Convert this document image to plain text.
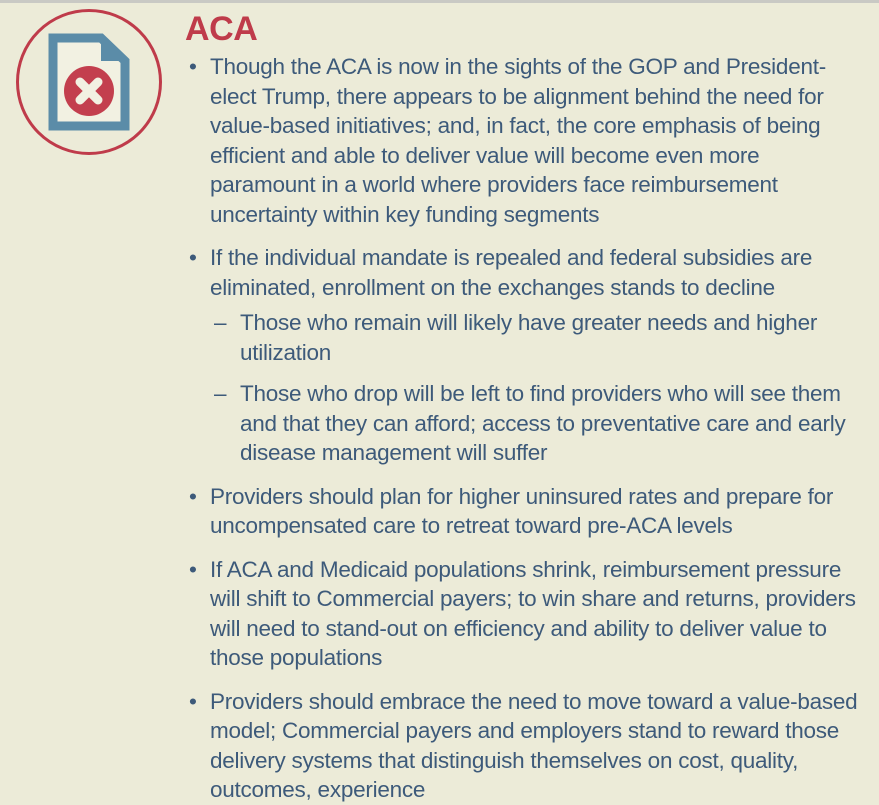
ACA
• Though the ACA is now in the sights of the GOP and President-elect Trump, there appears to be alignment behind the need for value-based initiatives; and, in fact, the core emphasis of being efficient and able to deliver value will become even more paramount in a world where providers face reimbursement uncertainty within key funding segments
• If the individual mandate is repealed and federal subsidies are eliminated, enrollment on the exchanges stands to decline
– Those who remain will likely have greater needs and higher utilization
– Those who drop will be left to find providers who will see them and that they can afford; access to preventative care and early disease management will suffer
• Providers should plan for higher uninsured rates and prepare for uncompensated care to retreat toward pre-ACA levels
• If ACA and Medicaid populations shrink, reimbursement pressure will shift to Commercial payers; to win share and returns, providers will need to stand-out on efficiency and ability to deliver value to those populations
• Providers should embrace the need to move toward a value-based model; Commercial payers and employers stand to reward those delivery systems that distinguish themselves on cost, quality, outcomes, experience
